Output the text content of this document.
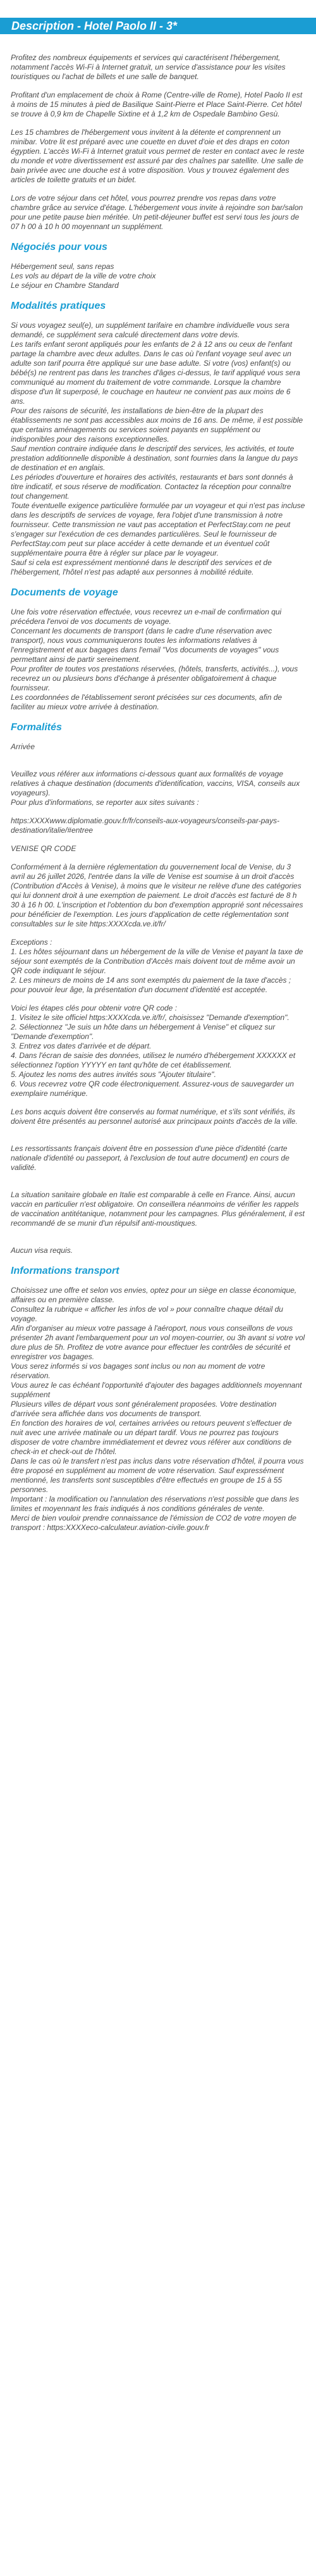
Description - Hotel Paolo II - 3*

Profitez des nombreux équipements et services qui caractérisent l'hébergement, notamment l'accès Wi-Fi à Internet gratuit, un service d'assistance pour les visites touristiques ou l'achat de billets et une salle de banquet.

Profitant d'un emplacement de choix à Rome (Centre-ville de Rome), Hotel Paolo II est à moins de 15 minutes à pied de Basilique Saint-Pierre et Place Saint-Pierre. Cet hôtel se trouve à 0,9 km de Chapelle Sixtine et à 1,2 km de Ospedale Bambino Gesù.

Les 15 chambres de l'hébergement vous invitent à la détente et comprennent un minibar. Votre lit est préparé avec une couette en duvet d'oie et des draps en coton égyptien. L'accès Wi-Fi à Internet gratuit vous permet de rester en contact avec le reste du monde et votre divertissement est assuré par des chaînes par satellite. Une salle de bain privée avec une douche est à votre disposition. Vous y trouvez également des articles de toilette gratuits et un bidet.

Lors de votre séjour dans cet hôtel, vous pourrez prendre vos repas dans votre chambre grâce au service d'étage. L'hébergement vous invite à rejoindre son bar/salon pour une petite pause bien méritée. Un petit-déjeuner buffet est servi tous les jours de 07 h 00 à 10 h 00 moyennant un supplément.

Négociés pour vous
Hébergement seul, sans repas
Les vols au départ de la ville de votre choix
Le séjour en Chambre Standard
Modalités pratiques
Si vous voyagez seul(e), un supplément tarifaire en chambre individuelle vous sera demandé, ce supplément sera calculé directement dans votre devis.
Les tarifs enfant seront appliqués pour les enfants de 2 à 12 ans ou ceux de l'enfant partage la chambre avec deux adultes. Dans le cas où l'enfant voyage seul avec un adulte son tarif pourra être appliqué sur une base adulte. Si votre (vos) enfant(s) ou bébé(s) ne rentrent pas dans les tranches d'âges ci-dessus, le tarif appliqué vous sera communiqué au moment du traitement de votre commande. Lorsque la chambre dispose d'un lit superposé, le couchage en hauteur ne convient pas aux moins de 6 ans.
Pour des raisons de sécurité, les installations de bien-être de la plupart des établissements ne sont pas accessibles aux moins de 16 ans. De même, il est possible que certains aménagements ou services soient payants en supplément ou indisponibles pour des raisons exceptionnelles.
Sauf mention contraire indiquée dans le descriptif des services, les activités, et toute prestation additionnelle disponible à destination, sont fournies dans la langue du pays de destination et en anglais.
Les périodes d'ouverture et horaires des activités, restaurants et bars sont donnés à titre indicatif, et sous réserve de modification. Contactez la réception pour connaître tout changement.
Toute éventuelle exigence particulière formulée par un voyageur et qui n'est pas incluse dans les descriptifs de services de voyage, fera l'objet d'une transmission à notre fournisseur. Cette transmission ne vaut pas acceptation et PerfectStay.com ne peut s'engager sur l'exécution de ces demandes particulières. Seul le fournisseur de PerfectStay.com peut sur place accéder à cette demande et un éventuel coût supplémentaire pourra être à régler sur place par le voyageur.
Sauf si cela est expressément mentionné dans le descriptif des services et de l'hébergement, l'hôtel n'est pas adapté aux personnes à mobilité réduite.
Documents de voyage
Une fois votre réservation effectuée, vous recevrez un e-mail de confirmation qui précédera l'envoi de vos documents de voyage.
Concernant les documents de transport (dans le cadre d'une réservation avec transport), nous vous communiquerons toutes les informations relatives à l'enregistrement et aux bagages dans l'email "Vos documents de voyages" vous permettant ainsi de partir sereinement.
Pour profiter de toutes vos prestations réservées, (hôtels, transferts, activités...), vous recevrez un ou plusieurs bons d'échange à présenter obligatoirement à chaque fournisseur.
Les coordonnées de l'établissement seront précisées sur ces documents, afin de faciliter au mieux votre arrivée à destination.
Formalités

Arrivée

Veuillez vous référer aux informations ci-dessous quant aux formalités de voyage relatives à chaque destination (documents d'identification, vaccins, VISA, conseils aux voyageurs).
Pour plus d'informations, se reporter aux sites suivants :

https:XXXXwww.diplomatie.gouv.fr/fr/conseils-aux-voyageurs/conseils-par-pays-destination/italie/#entree

VENISE QR CODE

Conformément à la dernière réglementation du gouvernement local de Venise, du 3 avril au 26 juillet 2026, l'entrée dans la ville de Venise est soumise à un droit d'accès (Contribution d'Accès à Venise), à moins que le visiteur ne relève d'une des catégories qui lui donnent droit à une exemption de paiement. Le droit d'accès est facturé de 8 h 30 à 16 h 00. L'inscription et l'obtention du bon d'exemption approprié sont nécessaires pour bénéficier de l'exemption. Les jours d'application de cette réglementation sont consultables sur le site https:XXXXcda.ve.it/fr/

Exceptions :
1. Les hôtes séjournant dans un hébergement de la ville de Venise et payant la taxe de séjour sont exemptés de la Contribution d'Accès mais doivent tout de même avoir un QR code indiquant le séjour.
2. Les mineurs de moins de 14 ans sont exemptés du paiement de la taxe d'accès ; pour pouvoir leur âge, la présentation d'un document d'identité est acceptée.
Voici les étapes clés pour obtenir votre QR code :
1. Visitez le site officiel https:XXXXcda.ve.it/fr/, choisissez "Demande d'exemption".
2. Sélectionnez "Je suis un hôte dans un hébergement à Venise" et cliquez sur "Demande d'exemption".
3. Entrez vos dates d'arrivée et de départ.
4. Dans l'écran de saisie des données, utilisez le numéro d'hébergement XXXXXX et sélectionnez l'option YYYYY en tant qu'hôte de cet établissement.
5. Ajoutez les noms des autres invités sous "Ajouter titulaire".
6. Vous recevrez votre QR code électroniquement. Assurez-vous de sauvegarder un exemplaire numérique.

Les bons acquis doivent être conservés au format numérique, et s'ils sont vérifiés, ils doivent être présentés au personnel autorisé aux principaux points d'accès de la ville.

Les ressortissants français doivent être en possession d'une pièce d'identité (carte nationale d'identité ou passeport, à l'exclusion de tout autre document) en cours de validité.

La situation sanitaire globale en Italie est comparable à celle en France. Ainsi, aucun vaccin en particulier n'est obligatoire. On conseillera néanmoins de vérifier les rappels de vaccination antitétanique, notamment pour les campagnes. Plus généralement, il est recommandé de se munir d'un répulsif anti-moustiques.

Aucun visa requis.

Informations transport
Choisissez une offre et selon vos envies, optez pour un siège en classe économique, affaires ou en première classe.
Consultez la rubrique « afficher les infos de vol » pour connaître chaque détail du voyage.
Afin d'organiser au mieux votre passage à l'aéroport, nous vous conseillons de vous présenter 2h avant l'embarquement pour un vol moyen-courrier, ou 3h avant si votre vol dure plus de 5h. Profitez de votre avance pour effectuer les contrôles de sécurité et enregistrer vos bagages.
Vous serez informés si vos bagages sont inclus ou non au moment de votre réservation.
Vous aurez le cas échéant l'opportunité d'ajouter des bagages additionnels moyennant supplément
Plusieurs villes de départ vous sont généralement proposées. Votre destination d'arrivée sera affichée dans vos documents de transport.
En fonction des horaires de vol, certaines arrivées ou retours peuvent s'effectuer de nuit avec une arrivée matinale ou un départ tardif. Vous ne pourrez pas toujours disposer de votre chambre immédiatement et devrez vous référer aux conditions de check-in et check-out de l'hôtel.
Dans le cas où le transfert n'est pas inclus dans votre réservation d'hôtel, il pourra vous être proposé en supplément au moment de votre réservation. Sauf expressément mentionné, les transferts sont susceptibles d'être effectués en groupe de 15 à 55 personnes.
Important : la modification ou l'annulation des réservations n'est possible que dans les limites et moyennant les frais indiqués à nos conditions générales de vente.
Merci de bien vouloir prendre connaissance de l'émission de CO2 de votre moyen de transport : https:XXXXeco-calculateur.aviation-civile.gouv.fr
